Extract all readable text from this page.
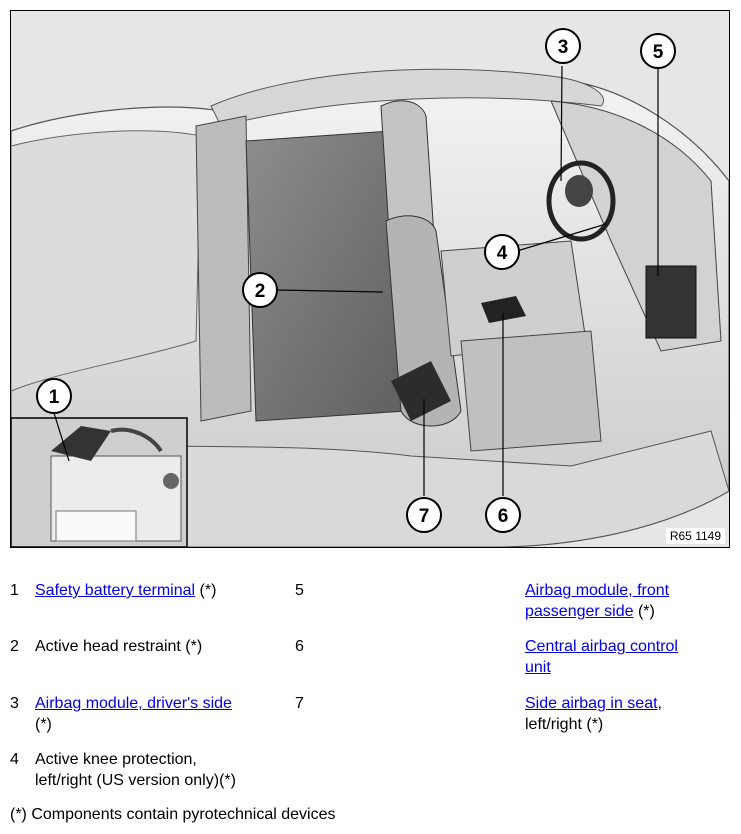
1
2
3
4
5
6
7
R65 1149
1 Safety battery terminal (*)
2 Active head restraint (*)
3 Airbag module, driver's side
(*)
4 Active knee protection,
left/right (US version only)(*)
5
6
7
Airbag module, front
passenger side (*)
Central airbag control
unit
Side airbag in seat,
left/right (*)
(*) Components contain pyrotechnical devices
